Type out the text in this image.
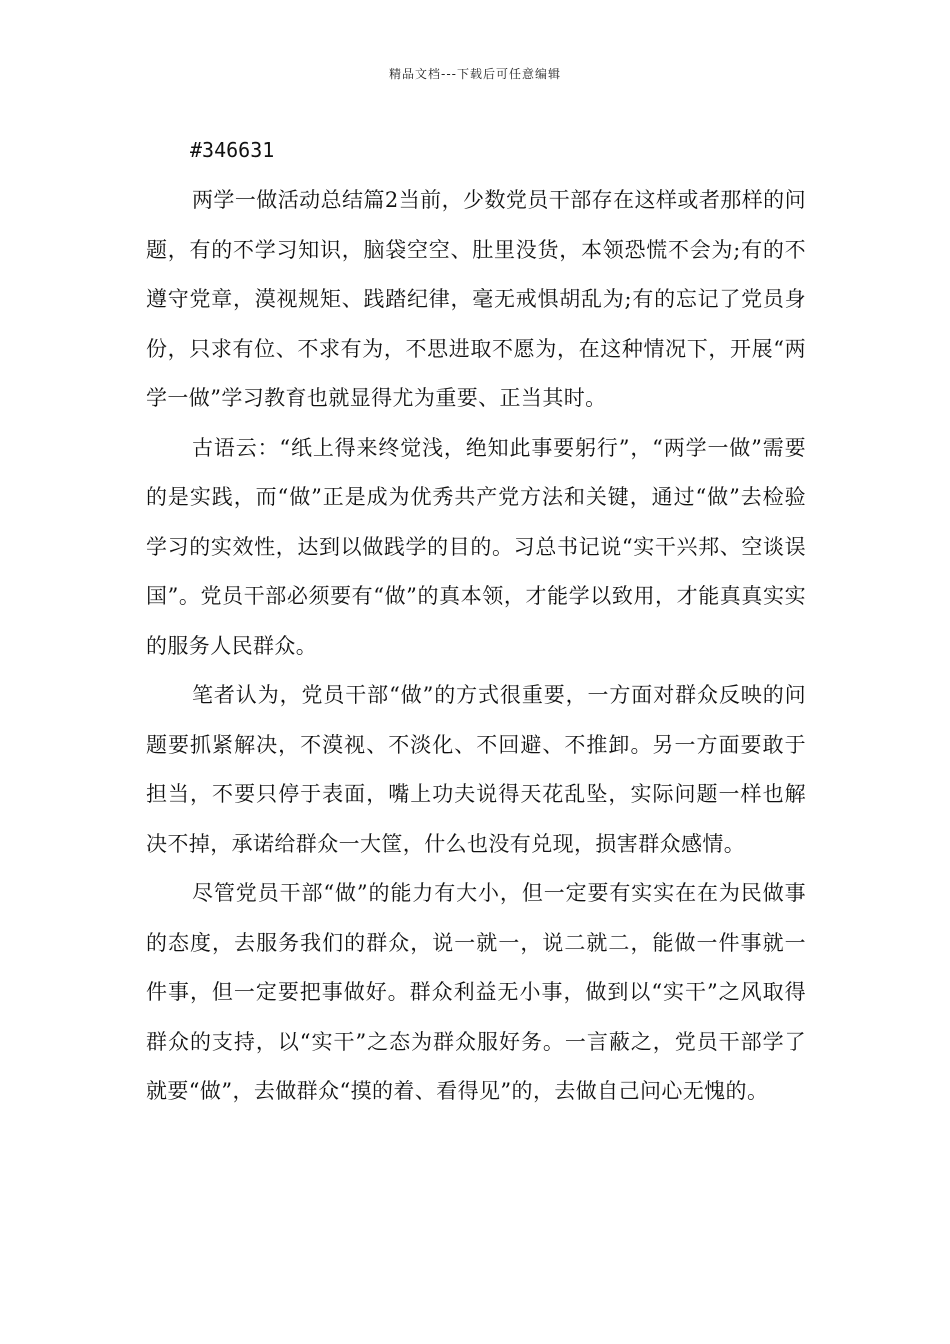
精品文档---下载后可任意编辑
#346631

两学一做活动总结篇2当前，少数党员干部存在这样或者那样的问题，有的不学习知识，脑袋空空、肚里没货，本领恐慌不会为;有的不遵守党章，漠视规矩、践踏纪律，毫无戒惧胡乱为;有的忘记了党员身份，只求有位、不求有为，不思进取不愿为，在这种情况下，开展“两学一做”学习教育也就显得尤为重要、正当其时。

古语云：“纸上得来终觉浅，绝知此事要躬行”，“两学一做”需要的是实践，而“做”正是成为优秀共产党方法和关键，通过“做”去检验学习的实效性，达到以做践学的目的。习总书记说“实干兴邦、空谈误国”。党员干部必须要有“做”的真本领，才能学以致用，才能真真实实的服务人民群众。

笔者认为，党员干部“做”的方式很重要，一方面对群众反映的问题要抓紧解决，不漠视、不淡化、不回避、不推卸。另一方面要敢于担当，不要只停于表面，嘴上功夫说得天花乱坠，实际问题一样也解决不掉，承诺给群众一大筐，什么也没有兑现，损害群众感情。

尽管党员干部“做”的能力有大小，但一定要有实实在在为民做事的态度，去服务我们的群众，说一就一，说二就二，能做一件事就一件事，但一定要把事做好。群众利益无小事，做到以“实干”之风取得群众的支持，以“实干”之态为群众服好务。一言蔽之，党员干部学了就要“做”，去做群众“摸的着、看得见”的，去做自己问心无愧的。
